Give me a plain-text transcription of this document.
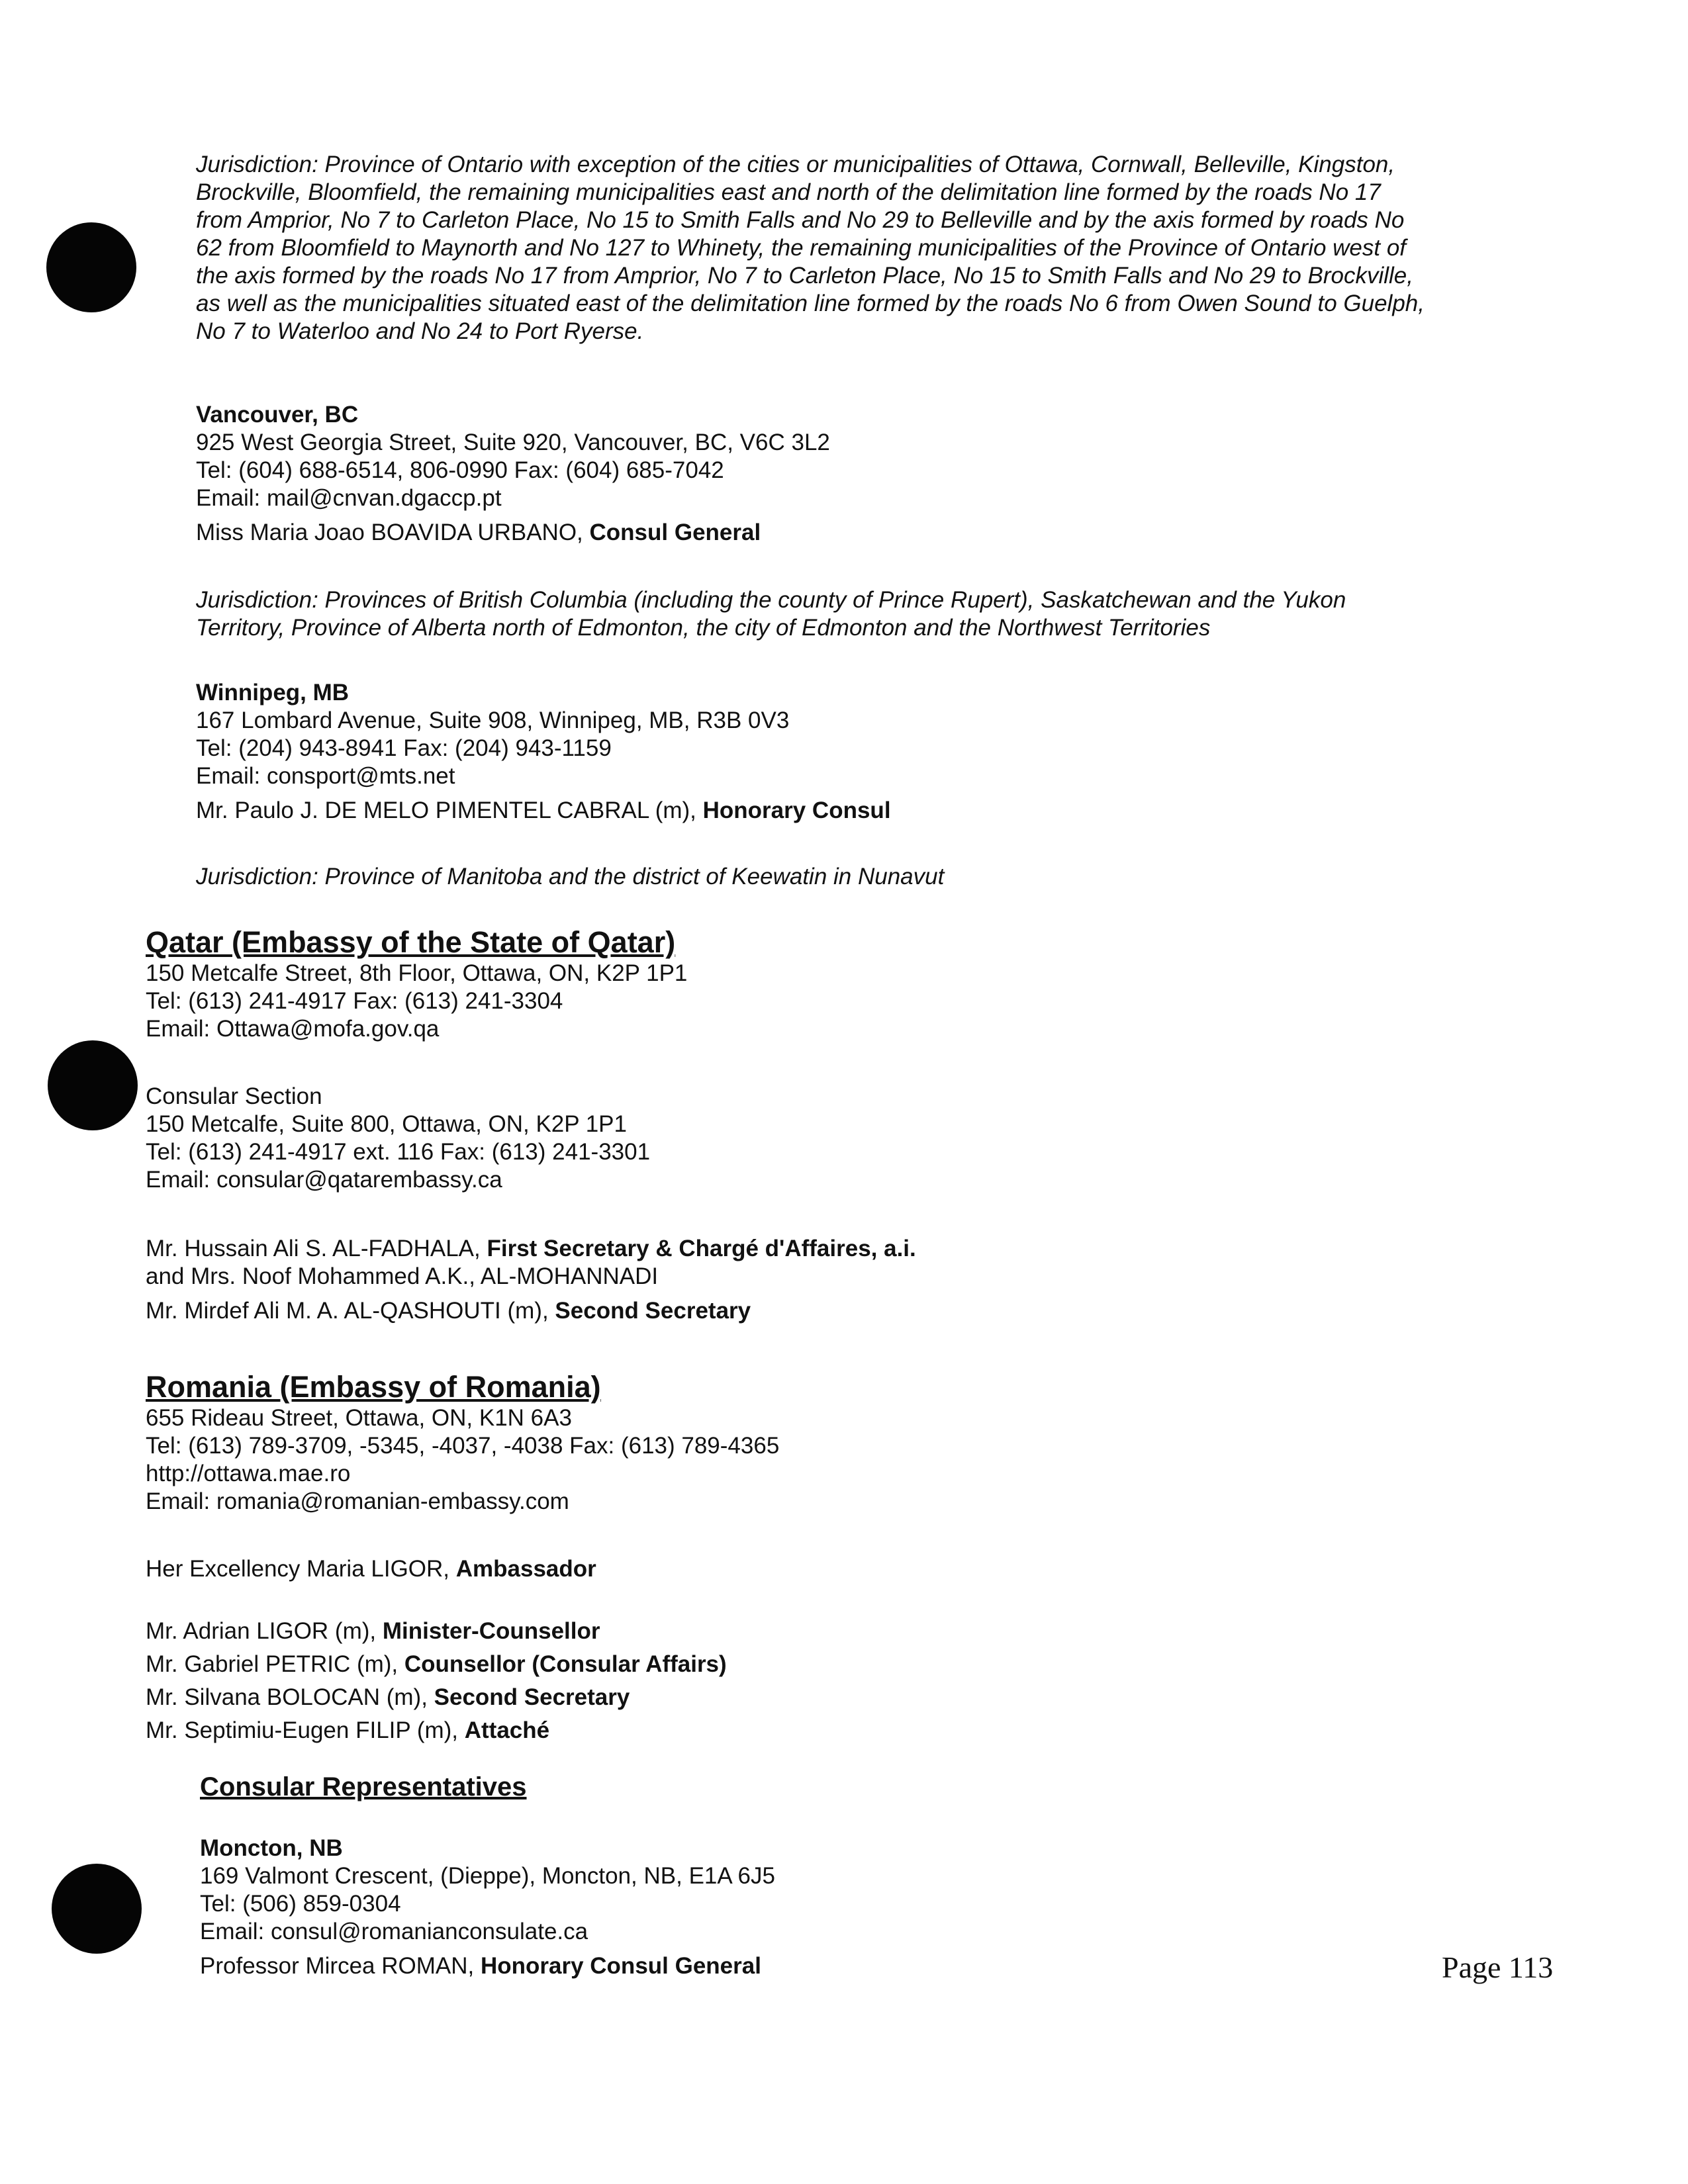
Jurisdiction: Province of Ontario with exception of the cities or municipalities of Ottawa, Cornwall, Belleville, Kingston,

Brockville, Bloomfield, the remaining municipalities east and north of the delimitation line formed by the roads No 17

from Amprior, No 7 to Carleton Place, No 15 to Smith Falls and No 29 to Belleville and by the axis formed by roads No

62 from Bloomfield to Maynorth and No 127 to Whinety, the remaining municipalities of the Province of Ontario west of

the axis formed by the roads No 17 from Amprior, No 7 to Carleton Place, No 15 to Smith Falls and No 29 to Brockville,

as well as the municipalities situated east of the delimitation line formed by the roads No 6 from Owen Sound to Guelph,

No 7 to Waterloo and No 24 to Port Ryerse.

Vancouver, BC

925 West Georgia Street, Suite 920, Vancouver, BC, V6C 3L2

Tel: (604) 688-6514, 806-0990 Fax: (604) 685-7042

Email: mail@cnvan.dgaccp.pt

Miss Maria Joao BOAVIDA URBANO, Consul General

Jurisdiction: Provinces of British Columbia (including the county of Prince Rupert), Saskatchewan and the Yukon

Territory, Province of Alberta north of Edmonton, the city of Edmonton and the Northwest Territories

Winnipeg, MB

167 Lombard Avenue, Suite 908, Winnipeg, MB, R3B 0V3

Tel: (204) 943-8941 Fax: (204) 943-1159

Email: consport@mts.net

Mr. Paulo J. DE MELO PIMENTEL CABRAL (m), Honorary Consul

Jurisdiction: Province of Manitoba and the district of Keewatin in Nunavut

Qatar (Embassy of the State of Qatar)

150 Metcalfe Street, 8th Floor, Ottawa, ON, K2P 1P1

Tel: (613) 241-4917 Fax: (613) 241-3304

Email: Ottawa@mofa.gov.qa

Consular Section

150 Metcalfe, Suite 800, Ottawa, ON, K2P 1P1

Tel: (613) 241-4917 ext. 116 Fax: (613) 241-3301

Email: consular@qatarembassy.ca

Mr. Hussain Ali S. AL-FADHALA, First Secretary & Chargé d'Affaires, a.i.

and Mrs. Noof Mohammed A.K., AL-MOHANNADI

Mr. Mirdef Ali M. A. AL-QASHOUTI (m), Second Secretary

Romania (Embassy of Romania)

655 Rideau Street, Ottawa, ON, K1N 6A3

Tel: (613) 789-3709, -5345, -4037, -4038 Fax: (613) 789-4365

http://ottawa.mae.ro

Email: romania@romanian-embassy.com

Her Excellency Maria LIGOR, Ambassador

Mr. Adrian LIGOR (m), Minister-Counsellor

Mr. Gabriel PETRIC (m), Counsellor (Consular Affairs)

Mr. Silvana BOLOCAN (m), Second Secretary

Mr. Septimiu-Eugen FILIP (m), Attaché

Consular Representatives

Moncton, NB

169 Valmont Crescent, (Dieppe), Moncton, NB, E1A 6J5

Tel: (506) 859-0304

Email: consul@romanianconsulate.ca

Professor Mircea ROMAN, Honorary Consul General	Page 113
